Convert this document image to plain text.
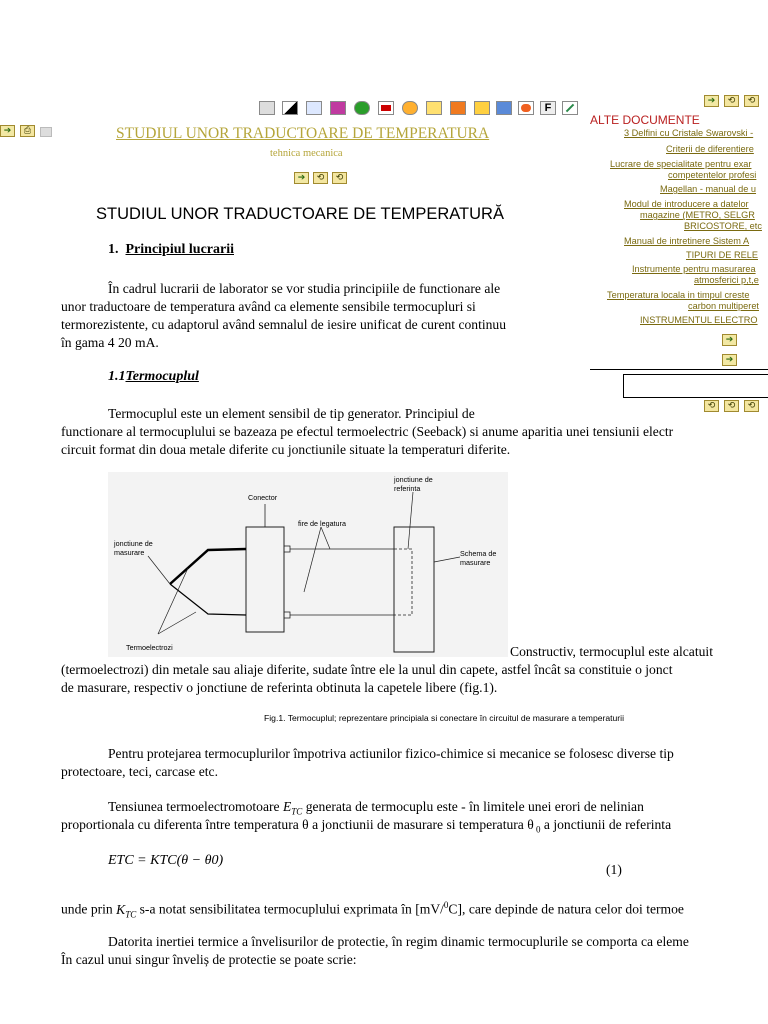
F
➔	⎙	STUDIUL UNOR TRADUCTOARE DE TEMPERATURA
tehnica mecanica
➔	⟲	⟲
➔	⟲	⟲
ALTE DOCUMENTE
3 Delfini cu Cristale Swarovski -
Criterii de diferentiere
Lucrare de specialitate pentru exar
competentelor profesi
Magellan - manual de u
Modul de introducere a datelor
magazine (METRO, SELGR
BRICOSTORE, etc
Manual de intretinere Sistem A
TIPURI DE RELE
Instrumente pentru masurarea
atmosferici p,t,e
Temperatura locala in timpul creste
carbon multiperet
INSTRUMENTUL ELECTRO
➔
➔
⟲	⟲	⟲
STUDIUL UNOR TRADUCTOARE DE TEMPERATURĂ
1. Principiul lucrarii
În cadrul lucrarii de laborator se vor studia principiile de functionare ale
unor traductoare de temperatura având ca elemente sensibile termocupluri si
termorezistente, cu adaptorul având semnalul de iesire unificat de curent continuu
în gama 4 20 mA.
1.1Termocuplul
Termocuplul este un element sensibil de tip generator. Principiul de
functionare al termocuplului se bazeaza pe efectul termoelectric (Seeback) si anume aparitia unei tensiunii electr
circuit format din doua metale diferite cu jonctiunile situate la temperaturi diferite.
Conector
jonctiune de
referinta
fire de legatura
jonctiune de
masurare	Schema de
masurare
Termoelectrozi	Constructiv, termocuplul este alcatuit
(termoelectrozi) din metale sau aliaje diferite, sudate între ele la unul din capete, astfel încât sa constituie o jonct
de masurare, respectiv o jonctiune de referinta obtinuta la capetele libere (fig.1).
Fig.1. Termocuplul; reprezentare principiala si conectare în circuitul de masurare a temperaturii
Pentru protejarea termocuplurilor împotriva actiunilor fizico-chimice si mecanice se folosesc diverse tip
protectoare, teci, carcase etc.
Tensiunea termoelectromotoare $E_{TC}$ generata de termocuplu este - în limitele unei erori de nelinian
proportionala cu diferenta între temperatura θ a jonctiunii de masurare si temperatura θ $_0$ a jonctiunii de referinta
ETC = KTC(θ − θ0)
(1)
unde prin $K_{TC}$ s-a notat sensibilitatea termocuplului exprimata în [mV/$^0$C], care depinde de natura celor doi termoe
Datorita inertiei termice a învelisurilor de protectie, în regim dinamic termocuplurile se comporta ca eleme
În cazul unui singur înveliș de protectie se poate scrie:
